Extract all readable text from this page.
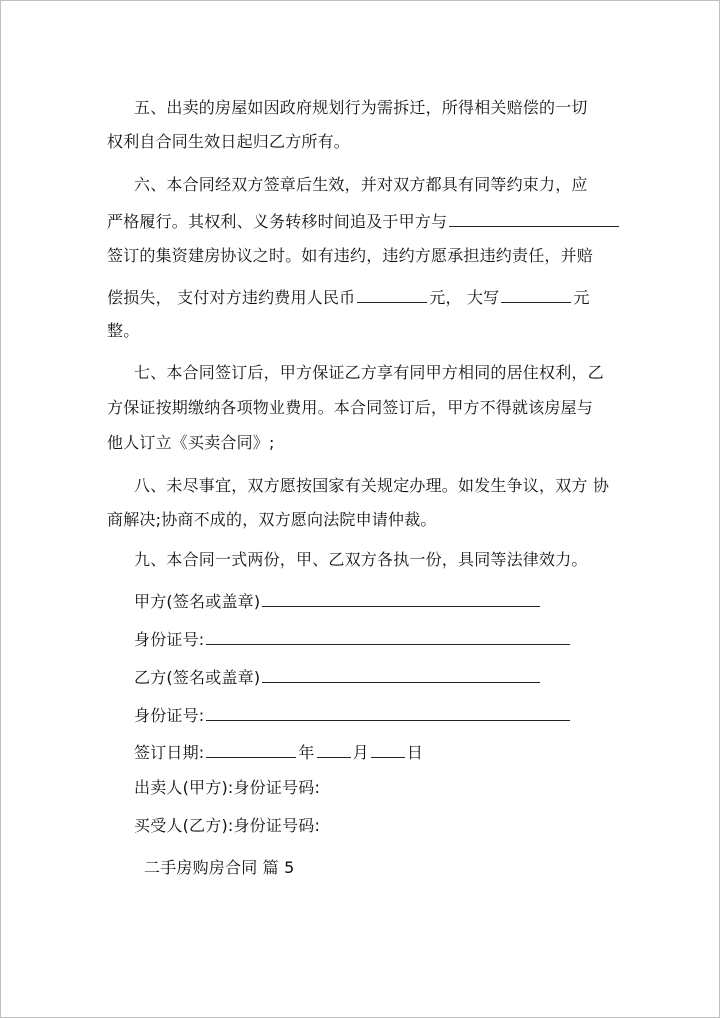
五、出卖的房屋如因政府规划行为需拆迁，所得相关赔偿的一切
权利自合同生效日起归乙方所有。
六、本合同经双方签章后生效，并对双方都具有同等约束力，应
严格履行。其权利、义务转移时间追及于甲方与
签订的集资建房协议之时。如有违约，违约方愿承担违约责任，并赔
偿损失， 支付对方违约费用人民币	元， 大写	元
整。
七、本合同签订后，甲方保证乙方享有同甲方相同的居住权利，乙
方保证按期缴纳各项物业费用。本合同签订后，甲方不得就该房屋与
他人订立《买卖合同》;
八、未尽事宜，双方愿按国家有关规定办理。如发生争议，双方 协
商解决;协商不成的，双方愿向法院申请仲裁。
九、本合同一式两份，甲、乙双方各执一份，具同等法律效力。
甲方(签名或盖章)
身份证号:
乙方(签名或盖章)
身份证号:
签订日期:	年 月 日
出卖人(甲方):身份证号码:
买受人(乙方):身份证号码:
二手房购房合同 篇 5
